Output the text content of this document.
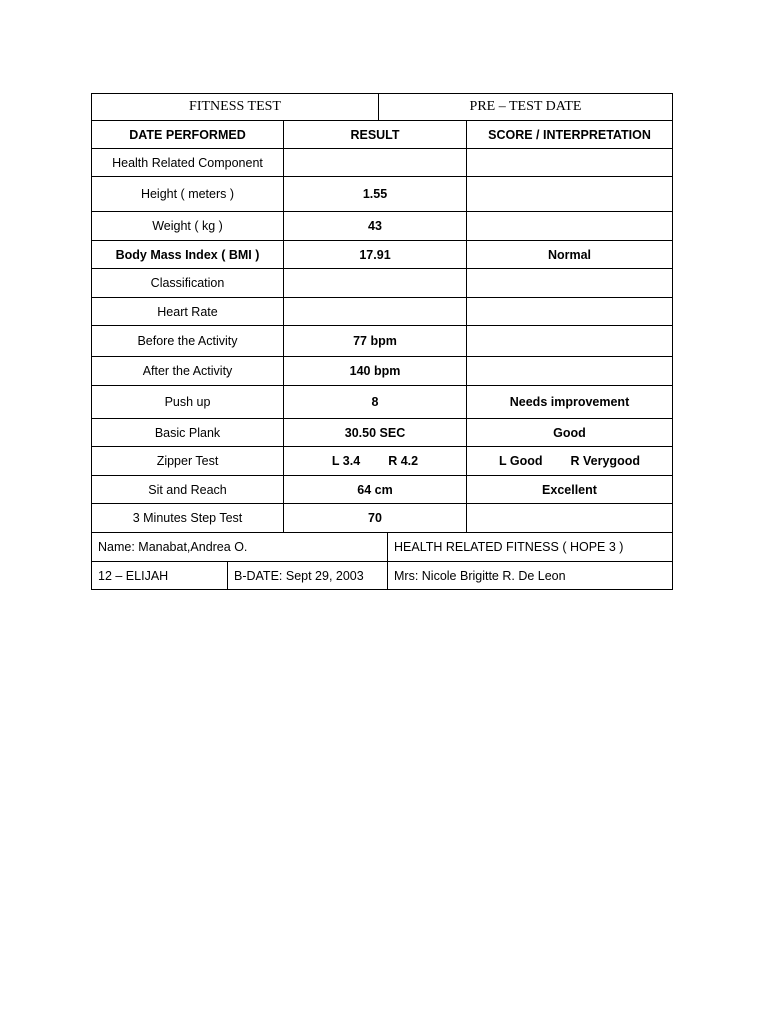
FITNESS TEST	PRE – TEST DATE
DATE PERFORMED	RESULT	SCORE / INTERPRETATION
Health Related Component
Height ( meters )	1.55
Weight ( kg )	43
Body Mass Index ( BMI )	17.91	Normal
Classification
Heart Rate
Before the Activity	77 bpm
After the Activity	140 bpm
Push up	8	Needs improvement
Basic Plank	30.50 SEC	Good
Zipper Test	L 3.4 R 4.2	L Good R Verygood
Sit and Reach	64 cm	Excellent
3 Minutes Step Test	70
Name: Manabat,Andrea O.	HEALTH RELATED FITNESS ( HOPE 3 )
12 – ELIJAH	B-DATE: Sept 29, 2003	Mrs: Nicole Brigitte R. De Leon
